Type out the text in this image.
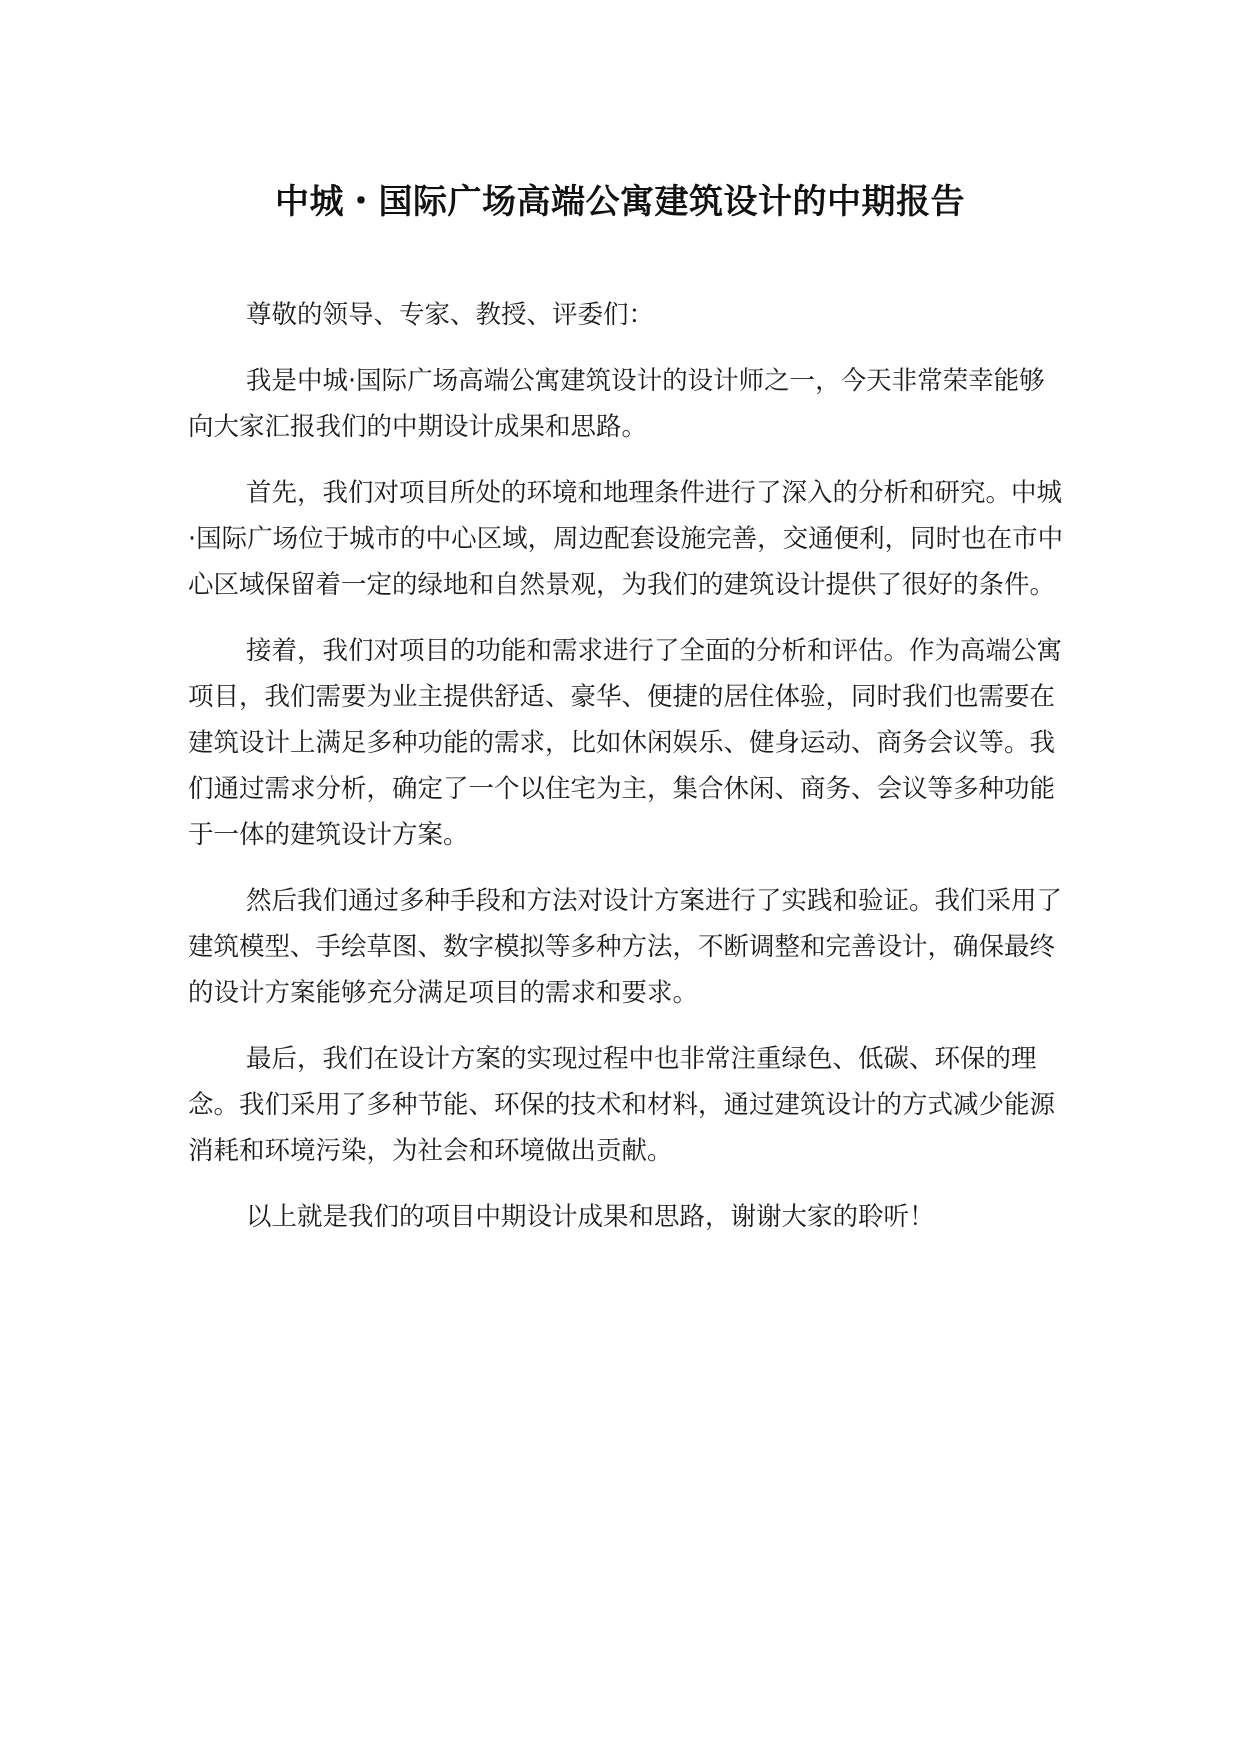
中城・国际广场高端公寓建筑设计的中期报告

尊敬的领导、专家、教授、评委们：

我是中城·国际广场高端公寓建筑设计的设计师之一，今天非常荣幸能够向大家汇报我们的中期设计成果和思路。

首先，我们对项目所处的环境和地理条件进行了深入的分析和研究。中城·国际广场位于城市的中心区域，周边配套设施完善，交通便利，同时也在市中心区域保留着一定的绿地和自然景观，为我们的建筑设计提供了很好的条件。

接着，我们对项目的功能和需求进行了全面的分析和评估。作为高端公寓项目，我们需要为业主提供舒适、豪华、便捷的居住体验，同时我们也需要在建筑设计上满足多种功能的需求，比如休闲娱乐、健身运动、商务会议等。我们通过需求分析，确定了一个以住宅为主，集合休闲、商务、会议等多种功能于一体的建筑设计方案。

然后我们通过多种手段和方法对设计方案进行了实践和验证。我们采用了建筑模型、手绘草图、数字模拟等多种方法，不断调整和完善设计，确保最终的设计方案能够充分满足项目的需求和要求。

最后，我们在设计方案的实现过程中也非常注重绿色、低碳、环保的理念。我们采用了多种节能、环保的技术和材料，通过建筑设计的方式减少能源消耗和环境污染，为社会和环境做出贡献。

以上就是我们的项目中期设计成果和思路，谢谢大家的聆听！
